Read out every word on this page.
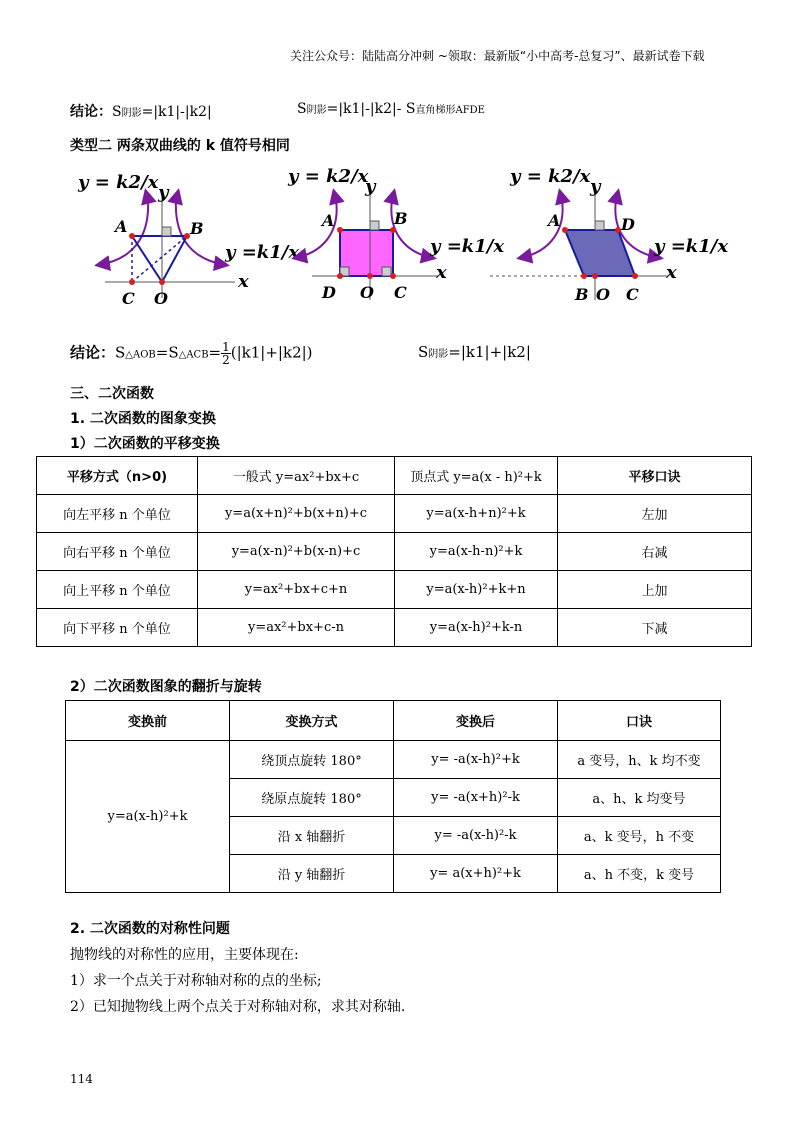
关注公众号：陆陆高分冲刺 ~领取：最新版“小中高考-总复习”、最新试卷下载
结论：S阴影=|k1|-|k2|	S阴影=|k1|-|k2|- S直角梯形AFDE
类型二 两条双曲线的 k 值符号相同
y = k2/x
y =k1/x
x
y
A	B
C O
y = k2/x
y =k1/x
x
y
A	B
D O C
y = k2/x
y =k1/x
x
y
A	D
B O C
结论：S△AOB=S△ACB= $\frac{1}{2} (|k1|+|k2|)$	S阴影=|k1|+|k2|
三、二次函数
1. 二次函数的图象变换
1）二次函数的平移变换
平移方式（n>0)	一般式 y=ax²+bx+c	顶点式 y=a(x - h)²+k	平移口诀
向左平移 n 个单位	y=a(x+n)²+b(x+n)+c	y=a(x-h+n)²+k	左加
向右平移 n 个单位	y=a(x-n)²+b(x-n)+c	y=a(x-h-n)²+k	右减
向上平移 n 个单位	y=ax²+bx+c+n	y=a(x-h)²+k+n	上加
向下平移 n 个单位	y=ax²+bx+c-n	y=a(x-h)²+k-n	下减
2）二次函数图象的翻折与旋转
变换前	变换方式	变换后	口诀
y=a(x-h)²+k	绕顶点旋转 180°	y= -a(x-h)²+k	a 变号，h、k 均不变
	绕原点旋转 180°	y= -a(x+h)²-k	a、h、k 均变号
	沿 x 轴翻折	y= -a(x-h)²-k	a、k 变号，h 不变
	沿 y 轴翻折	y= a(x+h)²+k	a、h 不变，k 变号
2. 二次函数的对称性问题
抛物线的对称性的应用，主要体现在:
1）求一个点关于对称轴对称的点的坐标;
2）已知抛物线上两个点关于对称轴对称，求其对称轴.
114
